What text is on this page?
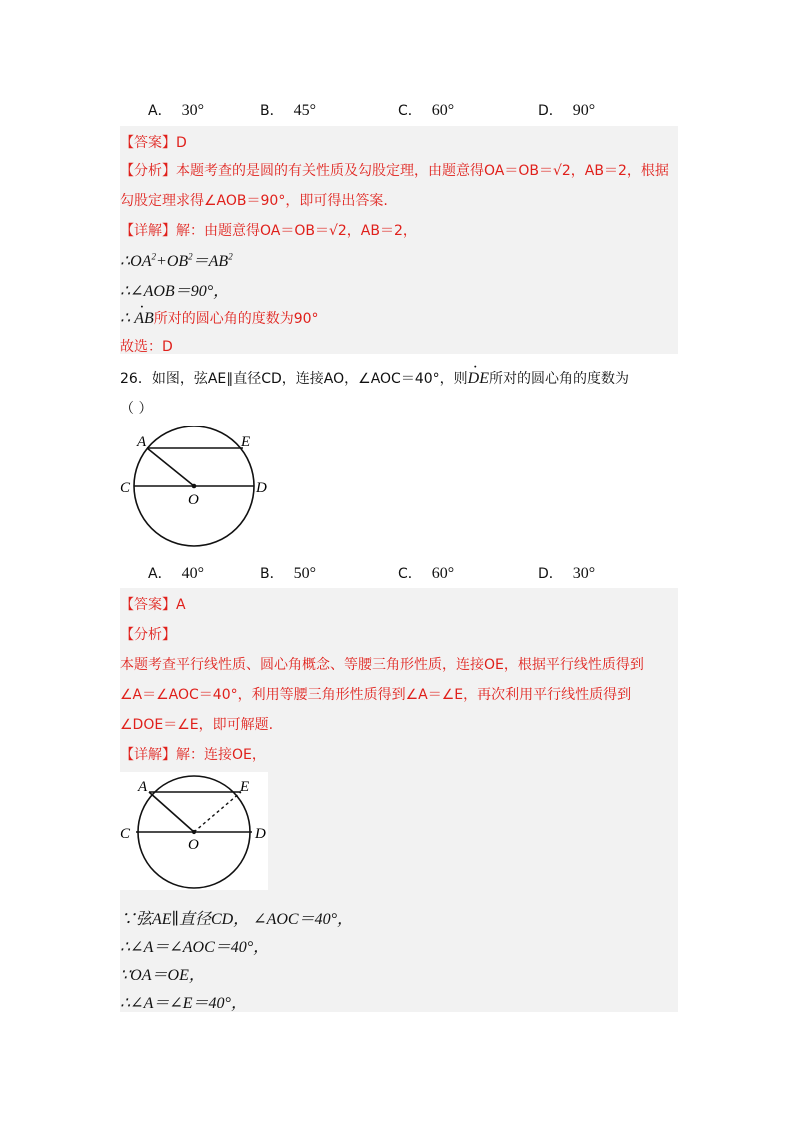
A． 30°	B． 45°	C． 60°	D． 90°
【答案】D
【分析】本题考查的是圆的有关性质及勾股定理，由题意得OA＝OB＝√2，AB＝2，根据
勾股定理求得∠AOB＝90°，即可得出答案.
【详解】解：由题意得OA＝OB＝√2，AB＝2，
$\therefore OA^2+OB^2=AB^2$
∴∠AOB＝90°，
∴ · AB所对的圆心角的度数为90°
故选：D
26．如图，弦AE∥直径CD，连接AO，∠AOC＝40°，则· DE所对的圆心角的度数为
（ ）
A	E
C	D
O
A． 40°	B． 50°	C． 60°	D． 30°
【答案】A
【分析】
本题考查平行线性质、圆心角概念、等腰三角形性质，连接OE，根据平行线性质得到
∠A＝∠AOC＝40°，利用等腰三角形性质得到∠A＝∠E，再次利用平行线性质得到
∠DOE＝∠E，即可解题.
【详解】解：连接OE，
A	E
C	D
O
∵弦AE∥直径CD， ∠AOC＝40°，
∴∠A＝∠AOC＝40°，
∵OA＝OE，
∴∠A＝∠E＝40°，
